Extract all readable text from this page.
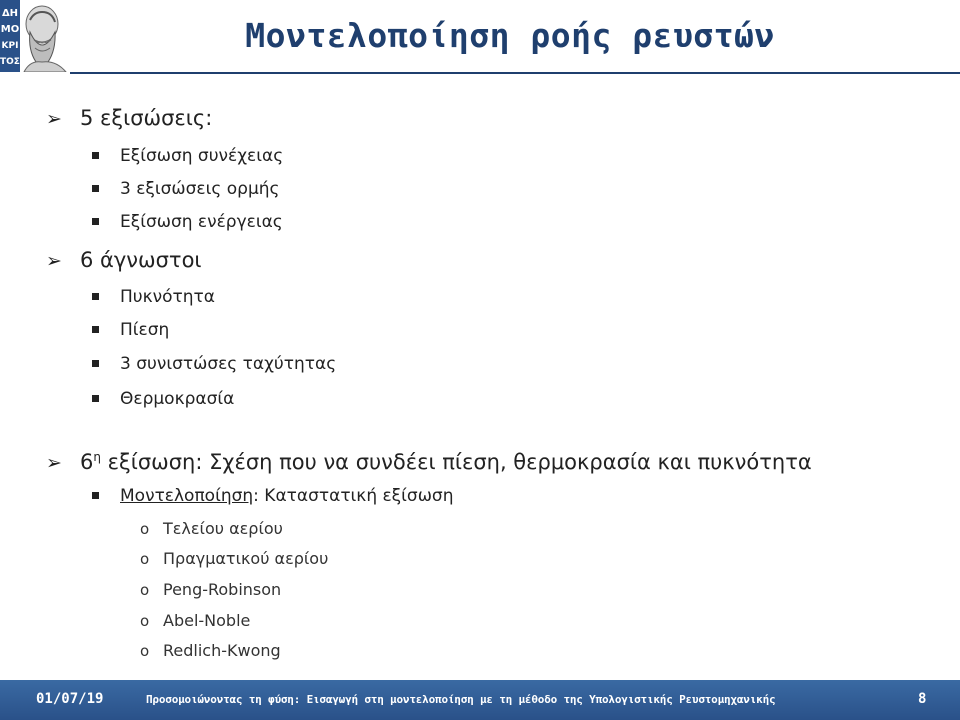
ΔΗ
ΜΟ
ΚΡΙ
ΤΟΣ
Μοντελοποίηση ροής ρευστών
➢ 5 εξισώσεις:
Εξίσωση συνέχειας
3 εξισώσεις ορμής
Εξίσωση ενέργειας
➢ 6 άγνωστοι
Πυκνότητα
Πίεση
3 συνιστώσες ταχύτητας
Θερμοκρασία
➢ $6^\eta$ εξίσωση: Σχέση που να συνδέει πίεση, θερμοκρασία και πυκνότητα
Μοντελοποίηση: Καταστατική εξίσωση
o Τελείου αερίου
o Πραγματικού αερίου
o Peng-Robinson
o Abel-Noble
o Redlich-Kwong
01/07/19	Προσομοιώνοντας τη φύση: Εισαγωγή στη μοντελοποίηση με τη μέθοδο της Υπολογιστικής Ρευστομηχανικής	8
